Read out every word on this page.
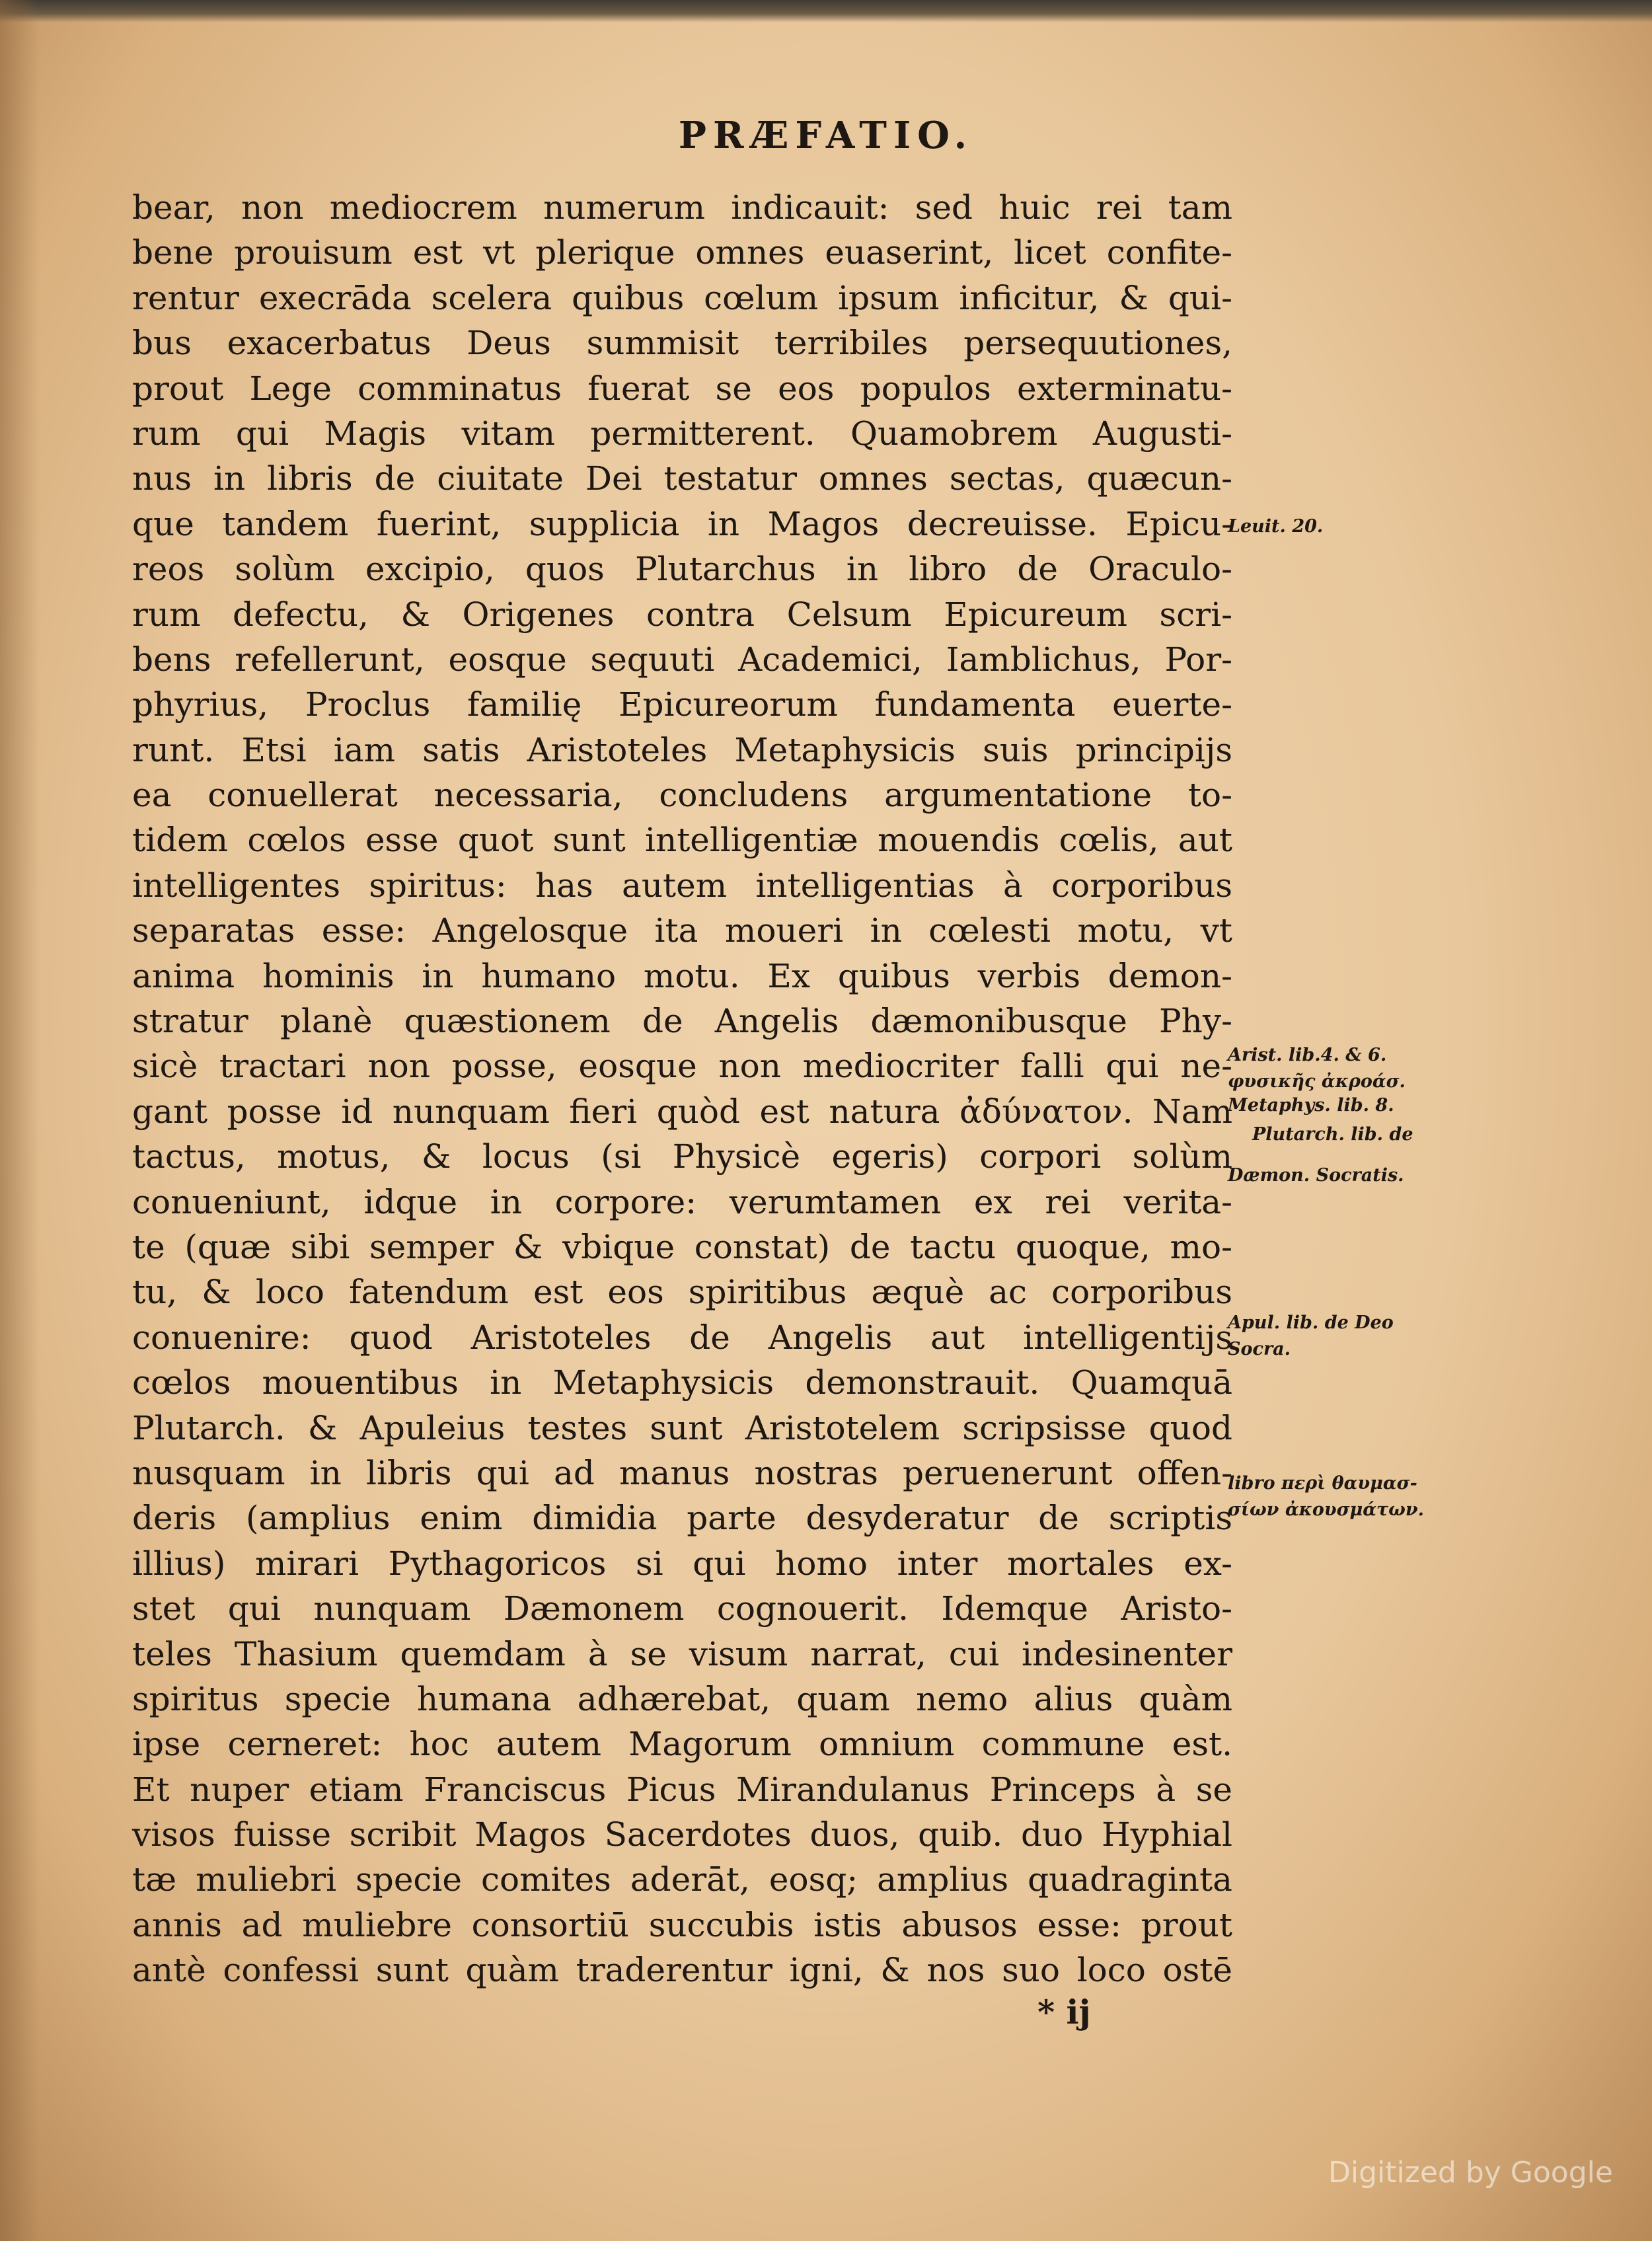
PRÆFATIO.
bear, non mediocrem numerum indicauit: sed huic rei tam
bene prouisum est vt plerique omnes euaserint, licet confite-
rentur execrāda scelera quibus cœlum ipsum inficitur, & qui-
bus exacerbatus Deus summisit terribiles persequutiones,
prout Lege comminatus fuerat se eos populos exterminatu-
rum qui Magis vitam permitterent. Quamobrem Augusti-
nus in libris de ciuitate Dei testatur omnes sectas, quæcun-
que tandem fuerint, supplicia in Magos decreuisse. Epicu-
reos solùm excipio, quos Plutarchus in libro de Oraculo-
rum defectu, & Origenes contra Celsum Epicureum scri-
bens refellerunt, eosque sequuti Academici, Iamblichus, Por-
phyrius, Proclus familię Epicureorum fundamenta euerte-
runt. Etsi iam satis Aristoteles Metaphysicis suis principijs
ea conuellerat necessaria, concludens argumentatione to-
tidem cœlos esse quot sunt intelligentiæ mouendis cœlis, aut
intelligentes spiritus: has autem intelligentias à corporibus
separatas esse: Angelosque ita moueri in cœlesti motu, vt
anima hominis in humano motu. Ex quibus verbis demon-
stratur planè quæstionem de Angelis dæmonibusque Phy-
sicè tractari non posse, eosque non mediocriter falli qui ne-
gant posse id nunquam fieri quòd est natura ἀδύνατον. Nam
tactus, motus, & locus (si Physicè egeris) corpori solùm
conueniunt, idque in corpore: verumtamen ex rei verita-
te (quæ sibi semper & vbique constat) de tactu quoque, mo-
tu, & loco fatendum est eos spiritibus æquè ac corporibus
conuenire: quod Aristoteles de Angelis aut intelligentijs
cœlos mouentibus in Metaphysicis demonstrauit. Quamquā
Plutarch. & Apuleius testes sunt Aristotelem scripsisse quod
nusquam in libris qui ad manus nostras peruenerunt offen-
deris (amplius enim dimidia parte desyderatur de scriptis
illius) mirari Pythagoricos si qui homo inter mortales ex-
stet qui nunquam Dæmonem cognouerit. Idemque Aristo-
teles Thasium quemdam à se visum narrat, cui indesinenter
spiritus specie humana adhærebat, quam nemo alius quàm
ipse cerneret: hoc autem Magorum omnium commune est.
Et nuper etiam Franciscus Picus Mirandulanus Princeps à se
visos fuisse scribit Magos Sacerdotes duos, quib. duo Hyphial
tæ muliebri specie comites aderāt, eosq; amplius quadraginta
annis ad muliebre consortiū succubis istis abusos esse: prout
antè confessi sunt quàm traderentur igni, & nos suo loco ostē
Leuit. 20.
Arist. lib.4. & 6.
φυσικῆς ἀκροάσ.
Metaphys. lib. 8.
Plutarch. lib. de
Dæmon. Socratis.
Apul. lib. de Deo
Socra.
libro περὶ θαυμασ-
σίων ἀκουσμάτων.
* ij
Digitized by Google
